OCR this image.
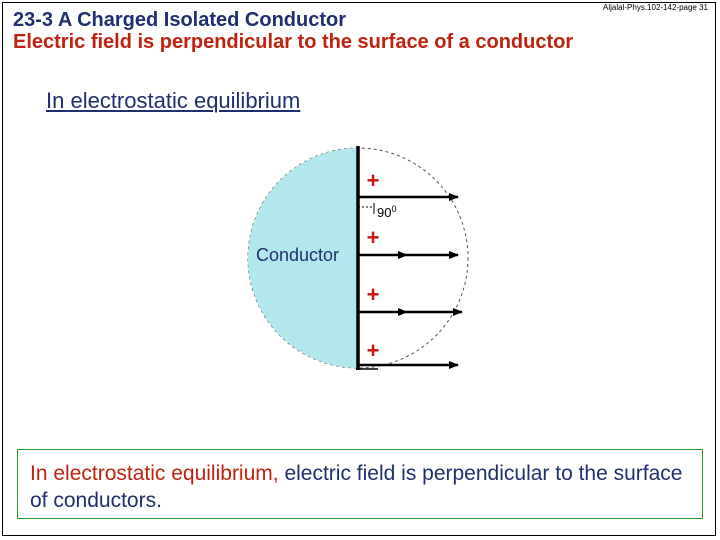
Aljalal-Phys.102-142-page 31
23-3 A Charged Isolated Conductor
Electric field is perpendicular to the surface of a conductor
In electrostatic equilibrium
$90^0$
+
+
+
+
Conductor
In electrostatic equilibrium, electric field is perpendicular to the surface of conductors.
